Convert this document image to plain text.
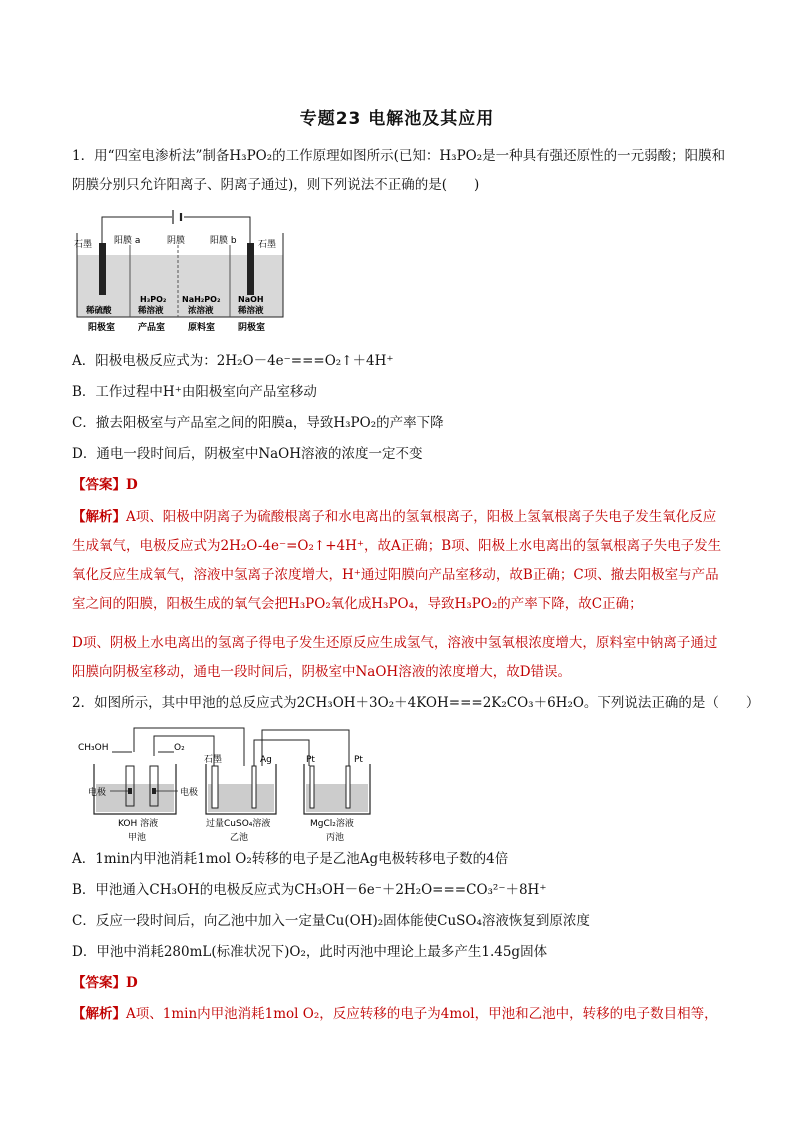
专题23 电解池及其应用

1．用“四室电渗析法”制备H₃PO₂的工作原理如图所示(已知：H₃PO₂是一种具有强还原性的一元弱酸；阳膜和阴膜分别只允许阳离子、阴离子通过)，则下列说法不正确的是(　　)

石墨 阳膜 a	阴膜	阳膜 b 石墨
稀硫酸
H₃PO₂
稀溶液
NaH₂PO₂
浓溶液
NaOH
稀溶液
阳极室	产品室	原料室	阴极室

A．阳极电极反应式为：2H₂O－4e⁻===O₂↑＋4H⁺

B．工作过程中H⁺由阳极室向产品室移动

C．撤去阳极室与产品室之间的阳膜a，导致H₃PO₂的产率下降

D．通电一段时间后，阴极室中NaOH溶液的浓度一定不变

【答案】D

【解析】A项、阳极中阴离子为硫酸根离子和水电离出的氢氧根离子，阳极上氢氧根离子失电子发生氧化反应生成氧气，电极反应式为2H₂O-4e⁻=O₂↑+4H⁺，故A正确；B项、阳极上水电离出的氢氧根离子失电子发生氧化反应生成氧气，溶液中氢离子浓度增大，H⁺通过阳膜向产品室移动，故B正确；C项、撤去阳极室与产品室之间的阳膜，阳极生成的氧气会把H₃PO₂氧化成H₃PO₄，导致H₃PO₂的产率下降，故C正确；

D项、阴极上水电离出的氢离子得电子发生还原反应生成氢气，溶液中氢氧根浓度增大，原料室中钠离子通过阳膜向阴极室移动，通电一段时间后，阴极室中NaOH溶液的浓度增大，故D错误。

2．如图所示，其中甲池的总反应式为2CH₃OH＋3O₂＋4KOH===2K₂CO₃＋6H₂O。下列说法正确的是（　　）

CH₃OH	O₂
电极	电极
石墨	Ag	Pt	Pt
KOH 溶液	过量CuSO₄溶液	MgCl₂溶液
甲池	乙池	丙池

A．1min内甲池消耗1mol O₂转移的电子是乙池Ag电极转移电子数的4倍

B．甲池通入CH₃OH的电极反应式为CH₃OH－6e⁻＋2H₂O===CO₃²⁻＋8H⁺

C．反应一段时间后，向乙池中加入一定量Cu(OH)₂固体能使CuSO₄溶液恢复到原浓度

D．甲池中消耗280mL(标准状况下)O₂，此时丙池中理论上最多产生1.45g固体

【答案】D

【解析】A项、1min内甲池消耗1mol O₂，反应转移的电子为4mol，甲池和乙池中，转移的电子数目相等，
